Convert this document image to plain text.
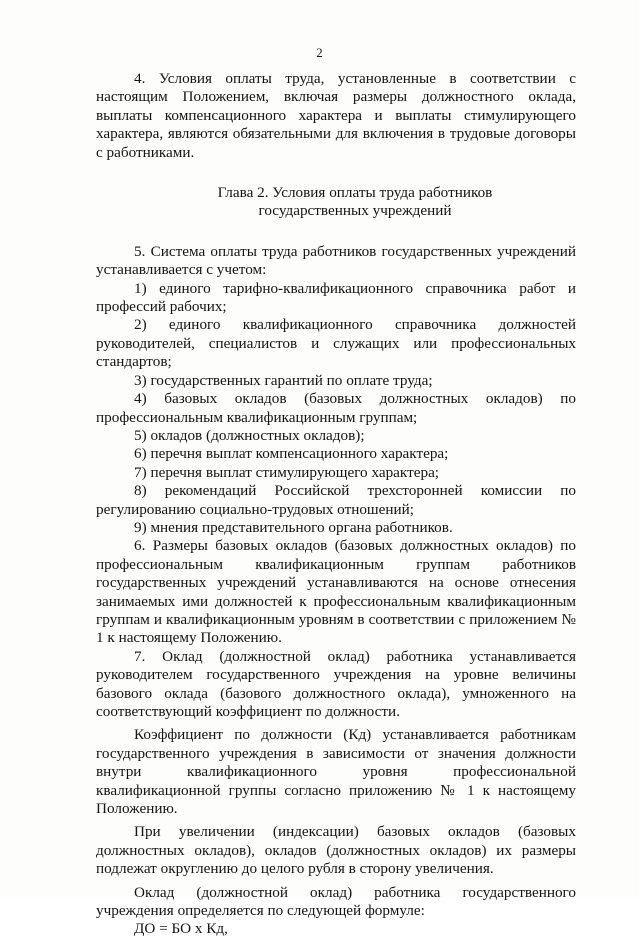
2

4. Условия оплаты труда, установленные в соответствии с настоящим Положением, включая размеры должностного оклада, выплаты компенсационного характера и выплаты стимулирующего характера, являются обязательными для включения в трудовые договоры с работниками.

Глава 2. Условия оплаты труда работников

государственных учреждений

5. Система оплаты труда работников государственных учреждений устанавливается с учетом:

1) единого тарифно-квалификационного справочника работ и профессий рабочих;

2) единого квалификационного справочника должностей руководителей, специалистов и служащих или профессиональных стандартов;

3) государственных гарантий по оплате труда;

4) базовых окладов (базовых должностных окладов) по профессиональным квалификационным группам;

5) окладов (должностных окладов);

6) перечня выплат компенсационного характера;

7) перечня выплат стимулирующего характера;

8) рекомендаций Российской трехсторонней комиссии по регулированию социально-трудовых отношений;

9) мнения представительного органа работников.

6. Размеры базовых окладов (базовых должностных окладов) по профессиональным квалификационным группам работников государственных учреждений устанавливаются на основе отнесения занимаемых ими должностей к профессиональным квалификационным группам и квалификационным уровням в соответствии с приложением № 1 к настоящему Положению.

7. Оклад (должностной оклад) работника устанавливается руководителем государственного учреждения на уровне величины базового оклада (базового должностного оклада), умноженного на соответствующий коэффициент по должности.

Коэффициент по должности (Кд) устанавливается работникам государственного учреждения в зависимости от значения должности внутри квалификационного уровня профессиональной квалификационной группы согласно приложению № 1 к настоящему Положению.

При увеличении (индексации) базовых окладов (базовых должностных окладов), окладов (должностных окладов) их размеры подлежат округлению до целого рубля в сторону увеличения.

Оклад (должностной оклад) работника государственного учреждения определяется по следующей формуле:

ДО = БО х Кд,
